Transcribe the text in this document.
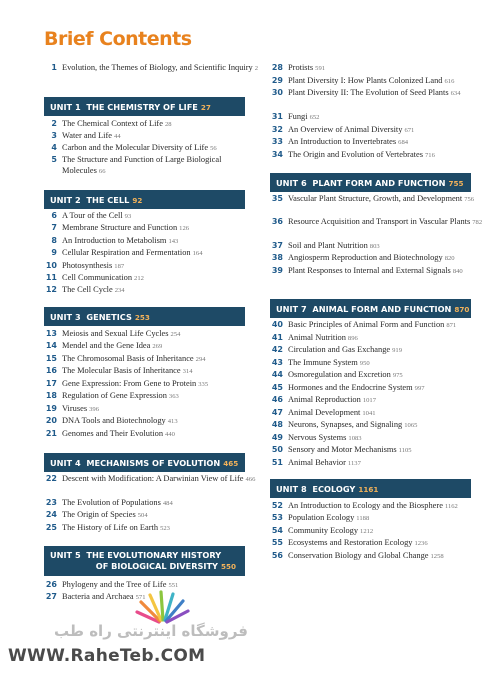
Brief Contents
1 Evolution, the Themes of Biology, and Scientific Inquiry 2
UNIT 1 THE CHEMISTRY OF LIFE 27
2 The Chemical Context of Life 28
3 Water and Life 44
4 Carbon and the Molecular Diversity of Life 56
5 The Structure and Function of Large Biological Molecules 66
UNIT 2 THE CELL 92
6 A Tour of the Cell 93
7 Membrane Structure and Function 126
8 An Introduction to Metabolism 143
9 Cellular Respiration and Fermentation 164
10 Photosynthesis 187
11 Cell Communication 212
12 The Cell Cycle 234
UNIT 3 GENETICS 253
13 Meiosis and Sexual Life Cycles 254
14 Mendel and the Gene Idea 269
15 The Chromosomal Basis of Inheritance 294
16 The Molecular Basis of Inheritance 314
17 Gene Expression: From Gene to Protein 335
18 Regulation of Gene Expression 363
19 Viruses 396
20 DNA Tools and Biotechnology 413
21 Genomes and Their Evolution 440
UNIT 4 MECHANISMS OF EVOLUTION 465
22 Descent with Modification: A Darwinian View of Life 466
23 The Evolution of Populations 484
24 The Origin of Species 504
25 The History of Life on Earth 523
UNIT 5 THE EVOLUTIONARY HISTORY
OF BIOLOGICAL DIVERSITY 550
26 Phylogeny and the Tree of Life 551
27 Bacteria and Archaea 571
28 Protists 591
29 Plant Diversity I: How Plants Colonized Land 616
30 Plant Diversity II: The Evolution of Seed Plants 634
31 Fungi 652
32 An Overview of Animal Diversity 671
33 An Introduction to Invertebrates 684
34 The Origin and Evolution of Vertebrates 716
UNIT 6 PLANT FORM AND FUNCTION 755
35 Vascular Plant Structure, Growth, and Development 756
36 Resource Acquisition and Transport in Vascular Plants 782
37 Soil and Plant Nutrition 803
38 Angiosperm Reproduction and Biotechnology 820
39 Plant Responses to Internal and External Signals 840
UNIT 7 ANIMAL FORM AND FUNCTION 870
40 Basic Principles of Animal Form and Function 871
41 Animal Nutrition 896
42 Circulation and Gas Exchange 919
43 The Immune System 950
44 Osmoregulation and Excretion 975
45 Hormones and the Endocrine System 997
46 Animal Reproduction 1017
47 Animal Development 1041
48 Neurons, Synapses, and Signaling 1065
49 Nervous Systems 1083
50 Sensory and Motor Mechanisms 1105
51 Animal Behavior 1137
UNIT 8 ECOLOGY 1161
52 An Introduction to Ecology and the Biosphere 1162
53 Population Ecology 1188
54 Community Ecology 1212
55 Ecosystems and Restoration Ecology 1236
56 Conservation Biology and Global Change 1258
فروشگاه اینترنتی راه طب
WWW.RaheTeb.COM
